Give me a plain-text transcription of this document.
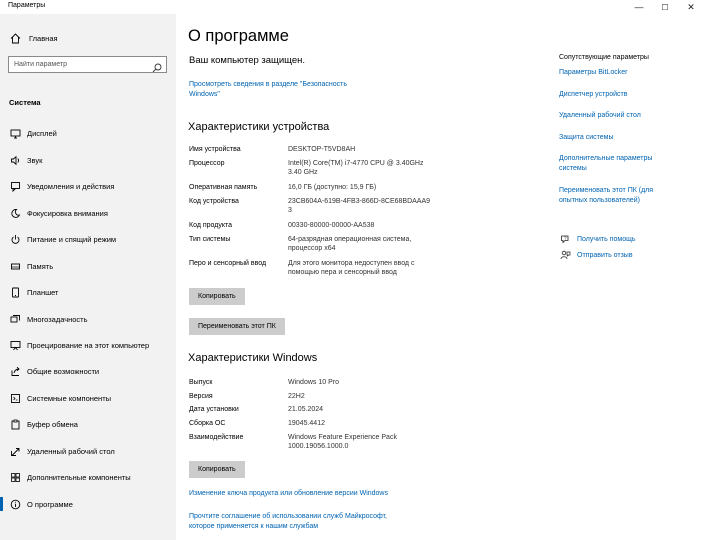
Параметры	— ☐ ✕
Главная
Найти параметр
Система
Дисплей
Звук
Уведомления и действия
Фокусировка внимания
Питание и спящий режим
Память
Планшет
Многозадачность
Проецирование на этот компьютер
Общие возможности
Системные компоненты
Буфер обмена
Удаленный рабочий стол
Дополнительные компоненты
О программе
О программе
Ваш компьютер защищен.
Просмотреть сведения в разделе "Безопасность
Windows"
Характеристики устройства
Имя устройства	DESKTOP-T5VD8AH
Процессор	Intel(R) Core(TM) i7-4770 CPU @ 3.40GHz
3.40 GHz
Оперативная память	16,0 ГБ (доступно: 15,9 ГБ)
Код устройства	23CB604A-619B-4FB3-866D-8CE68BDAAA9
3
Код продукта	00330-80000-00000-AA538
Тип системы	64-разрядная операционная система,
процессор x64
Перо и сенсорный ввод	Для этого монитора недоступен ввод с
помощью пера и сенсорный ввод
Копировать
Переименовать этот ПК
Характеристики Windows
Выпуск	Windows 10 Pro
Версия	22H2
Дата установки	21.05.2024
Сборка ОС	19045.4412
Взаимодействие	Windows Feature Experience Pack
1000.19056.1000.0
Копировать
Изменение ключа продукта или обновление версии Windows
Прочтите соглашение об использовании служб Майкрософт,
которое применяется к нашим службам
Сопутствующие параметры
Параметры BitLocker
Диспетчер устройств
Удаленный рабочий стол
Защита системы
Дополнительные параметры
системы
Переименовать этот ПК (для
опытных пользователей)
? Получить помощь
Отправить отзыв
